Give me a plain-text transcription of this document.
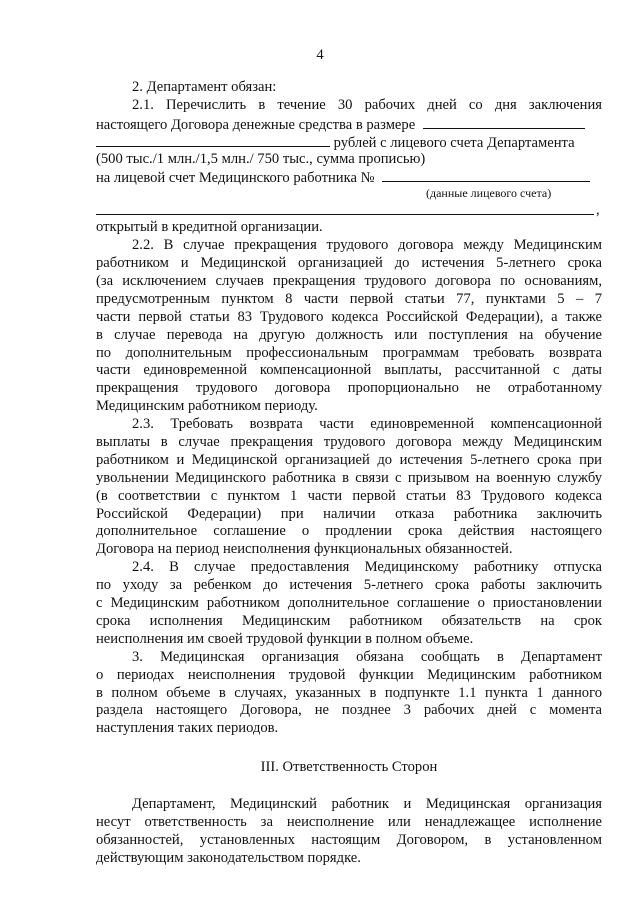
4
2. Департамент обязан:
2.1. Перечислить в течение 30 рабочих дней со дня заключения
настоящего Договора денежные средства в размере
рублей с лицевого счета Департамента
(500 тыс./1 млн./1,5 млн./ 750 тыс., сумма прописью)
на лицевой счет Медицинского работника №
(данные лицевого счета)
,
открытый в кредитной организации.
2.2. В случае прекращения трудового договора между Медицинским
работником и Медицинской организацией до истечения 5-летнего срока
(за исключением случаев прекращения трудового договора по основаниям,
предусмотренным пунктом 8 части первой статьи 77, пунктами 5 – 7
части первой статьи 83 Трудового кодекса Российской Федерации), а также
в случае перевода на другую должность или поступления на обучение
по дополнительным профессиональным программам требовать возврата
части единовременной компенсационной выплаты, рассчитанной с даты
прекращения трудового договора пропорционально не отработанному
Медицинским работником периоду.
2.3. Требовать возврата части единовременной компенсационной
выплаты в случае прекращения трудового договора между Медицинским
работником и Медицинской организацией до истечения 5-летнего срока при
увольнении Медицинского работника в связи с призывом на военную службу
(в соответствии с пунктом 1 части первой статьи 83 Трудового кодекса
Российской Федерации) при наличии отказа работника заключить
дополнительное соглашение о продлении срока действия настоящего
Договора на период неисполнения функциональных обязанностей.
2.4. В случае предоставления Медицинскому работнику отпуска
по уходу за ребенком до истечения 5-летнего срока работы заключить
с Медицинским работником дополнительное соглашение о приостановлении
срока исполнения Медицинским работником обязательств на срок
неисполнения им своей трудовой функции в полном объеме.
3. Медицинская организация обязана сообщать в Департамент
о периодах неисполнения трудовой функции Медицинским работником
в полном объеме в случаях, указанных в подпункте 1.1 пункта 1 данного
раздела настоящего Договора, не позднее 3 рабочих дней с момента
наступления таких периодов.
III. Ответственность Сторон
Департамент, Медицинский работник и Медицинская организация
несут ответственность за неисполнение или ненадлежащее исполнение
обязанностей, установленных настоящим Договором, в установленном
действующим законодательством порядке.
